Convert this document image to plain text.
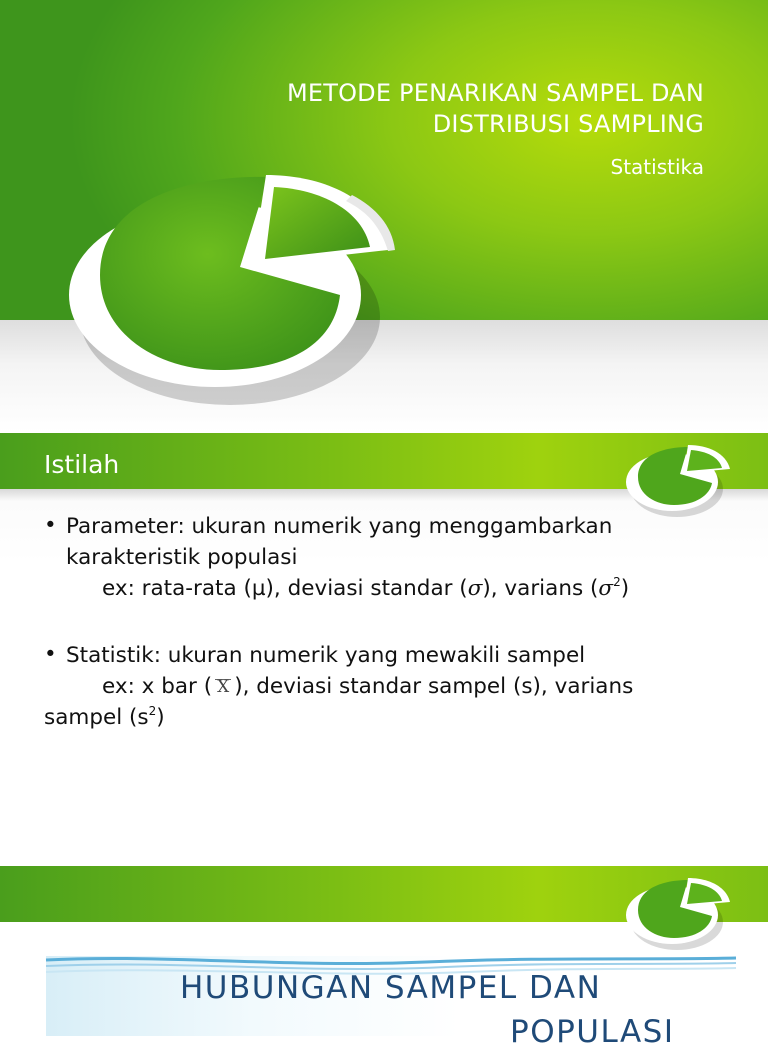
METODE PENARIKAN SAMPEL DAN
DISTRIBUSI SAMPLING
Statistika
Istilah
• Parameter: ukuran numerik yang menggambarkan karakteristik populasi
ex: rata-rata (µ), deviasi standar (σ), varians $(\sigma^2)$
• Statistik: ukuran numerik yang mewakili sampel
ex: x bar ( X ), deviasi standar sampel (s), varians
sampel $(s^2)$
HUBUNGAN SAMPEL DAN
POPULASI
